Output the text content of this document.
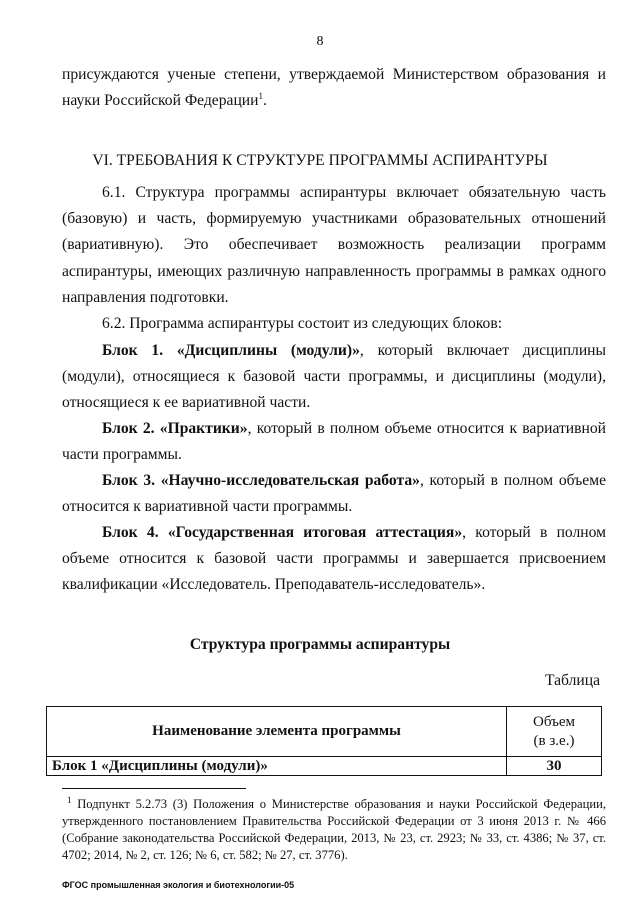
8
присуждаются ученые степени, утверждаемой Министерством образования и науки Российской Федерации$^1$.
VI. ТРЕБОВАНИЯ К СТРУКТУРЕ ПРОГРАММЫ АСПИРАНТУРЫ
6.1. Структура программы аспирантуры включает обязательную часть (базовую) и часть, формируемую участниками образовательных отношений (вариативную). Это обеспечивает возможность реализации программ аспирантуры, имеющих различную направленность программы в рамках одного направления подготовки.
6.2. Программа аспирантуры состоит из следующих блоков:
Блок 1. «Дисциплины (модули)», который включает дисциплины (модули), относящиеся к базовой части программы, и дисциплины (модули), относящиеся к ее вариативной части.
Блок 2. «Практики», который в полном объеме относится к вариативной части программы.
Блок 3. «Научно-исследовательская работа», который в полном объеме относится к вариативной части программы.
Блок 4. «Государственная итоговая аттестация», который в полном объеме относится к базовой части программы и завершается присвоением квалификации «Исследователь. Преподаватель-исследователь».
Структура программы аспирантуры
Таблица
Наименование элемента программы	Объем
(в з.е.)
Блок 1 «Дисциплины (модули)»	30
$^1$ Подпункт 5.2.73 (3) Положения о Министерстве образования и науки Российской Федерации, утвержденного постановлением Правительства Российской Федерации от 3 июня 2013 г. № 466 (Собрание законодательства Российской Федерации, 2013, № 23, ст. 2923; № 33, ст. 4386; № 37, ст. 4702; 2014, № 2, ст. 126; № 6, ст. 582; № 27, ст. 3776).
ФГОС промышленная экология и биотехнологии-05
